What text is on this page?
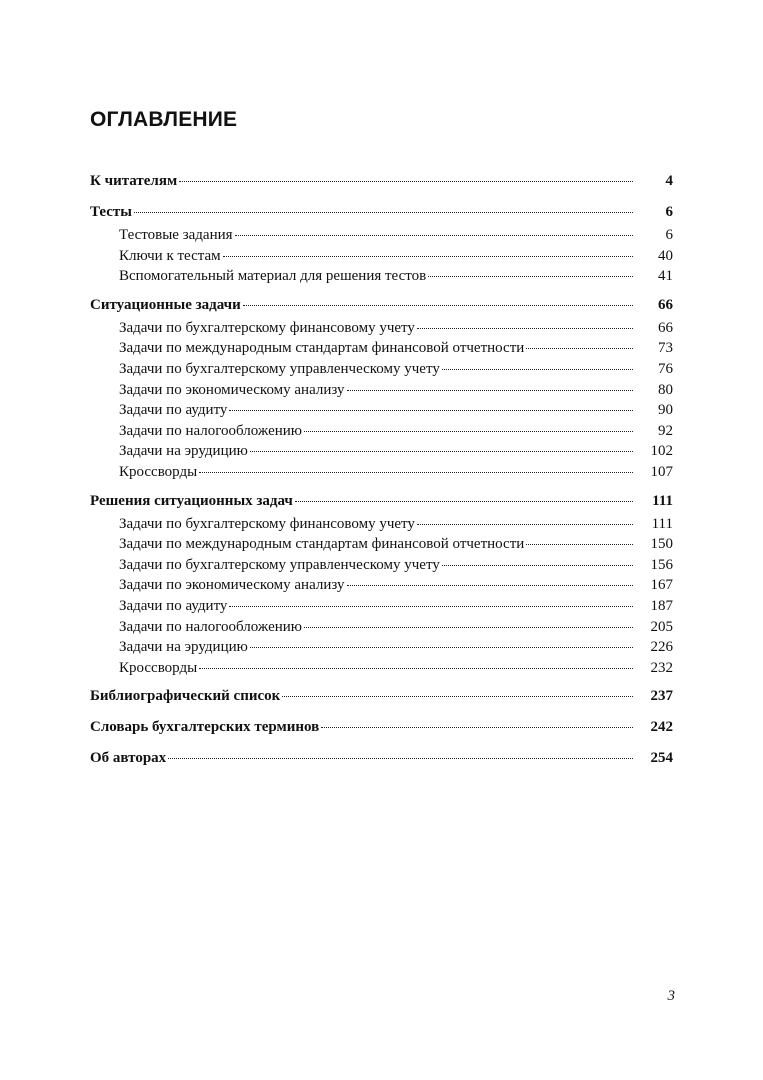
ОГЛАВЛЕНИЕ
К читателям	4
Тесты	6
Тестовые задания	6
Ключи к тестам	40
Вспомогательный материал для решения тестов	41
Ситуационные задачи	66
Задачи по бухгалтерскому финансовому учету	66
Задачи по международным стандартам финансовой отчетности	73
Задачи по бухгалтерскому управленческому учету	76
Задачи по экономическому анализу	80
Задачи по аудиту	90
Задачи по налогообложению	92
Задачи на эрудицию	102
Кроссворды	107
Решения ситуационных задач	111
Задачи по бухгалтерскому финансовому учету	111
Задачи по международным стандартам финансовой отчетности	150
Задачи по бухгалтерскому управленческому учету	156
Задачи по экономическому анализу	167
Задачи по аудиту	187
Задачи по налогообложению	205
Задачи на эрудицию	226
Кроссворды	232
Библиографический список	237
Словарь бухгалтерских терминов	242
Об авторах	254
3
